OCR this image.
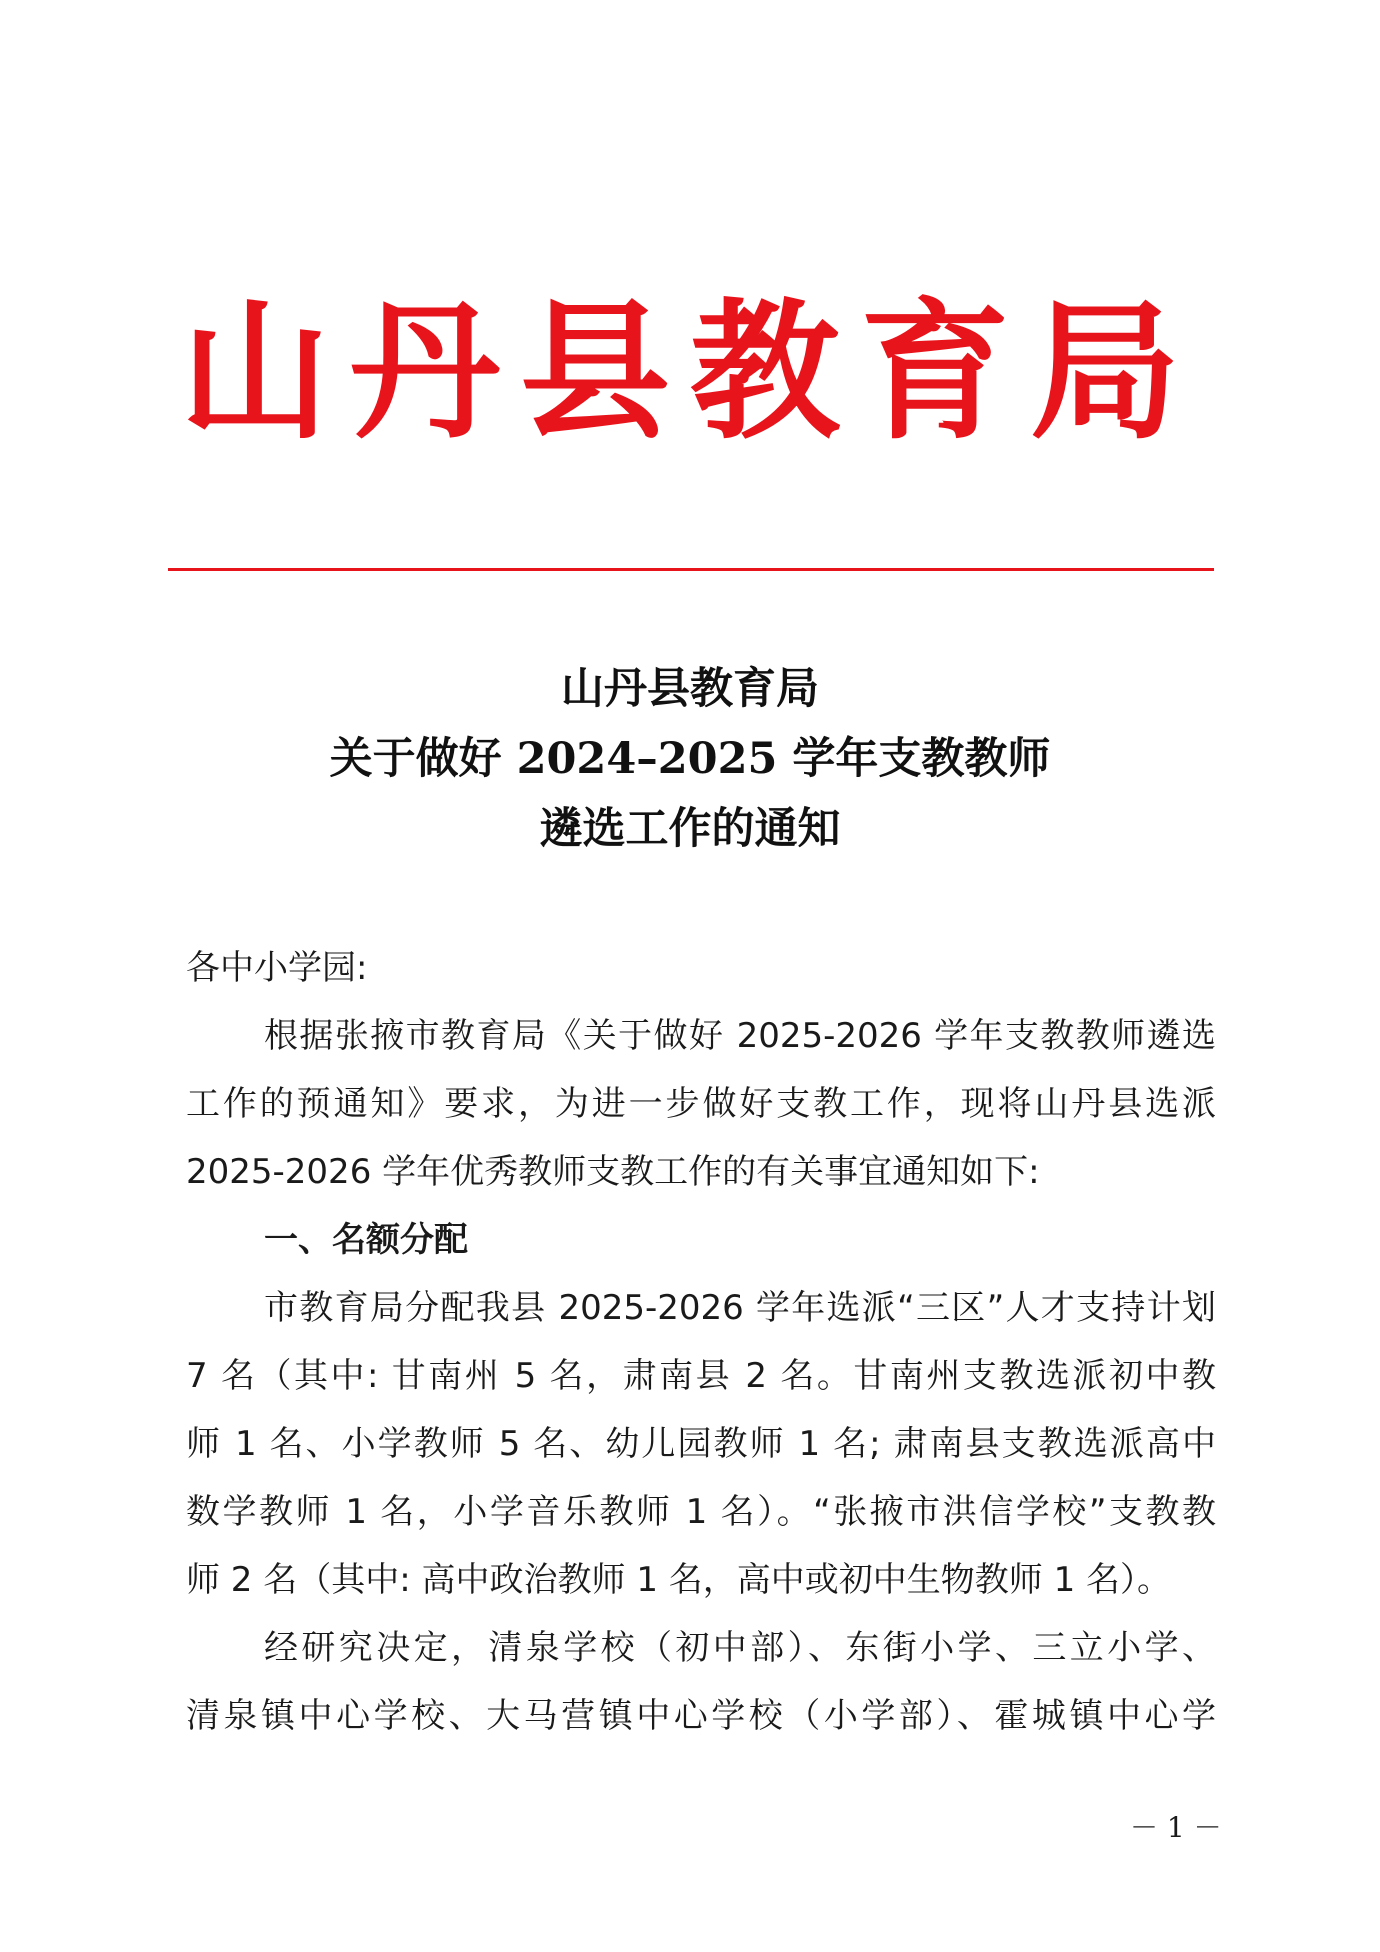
山丹县教育局
山丹县教育局
关于做好 2024–2025 学年支教教师
遴选工作的通知
各中小学园:
根据张掖市教育局《关于做好 2025-2026 学年支教教师遴选
工作的预通知》要求，为进一步做好支教工作，现将山丹县选派
2025-2026 学年优秀教师支教工作的有关事宜通知如下:
一、名额分配
市教育局分配我县 2025-2026 学年选派“三区”人才支持计划
7 名（其中: 甘南州 5 名，肃南县 2 名。甘南州支教选派初中教
师 1 名、小学教师 5 名、幼儿园教师 1 名; 肃南县支教选派高中
数学教师 1 名，小学音乐教师 1 名）。“张掖市洪信学校”支教教
师 2 名（其中: 高中政治教师 1 名，高中或初中生物教师 1 名）。
经研究决定，清泉学校（初中部）、东街小学、三立小学、
清泉镇中心学校、大马营镇中心学校（小学部）、霍城镇中心学
－ 1 －
